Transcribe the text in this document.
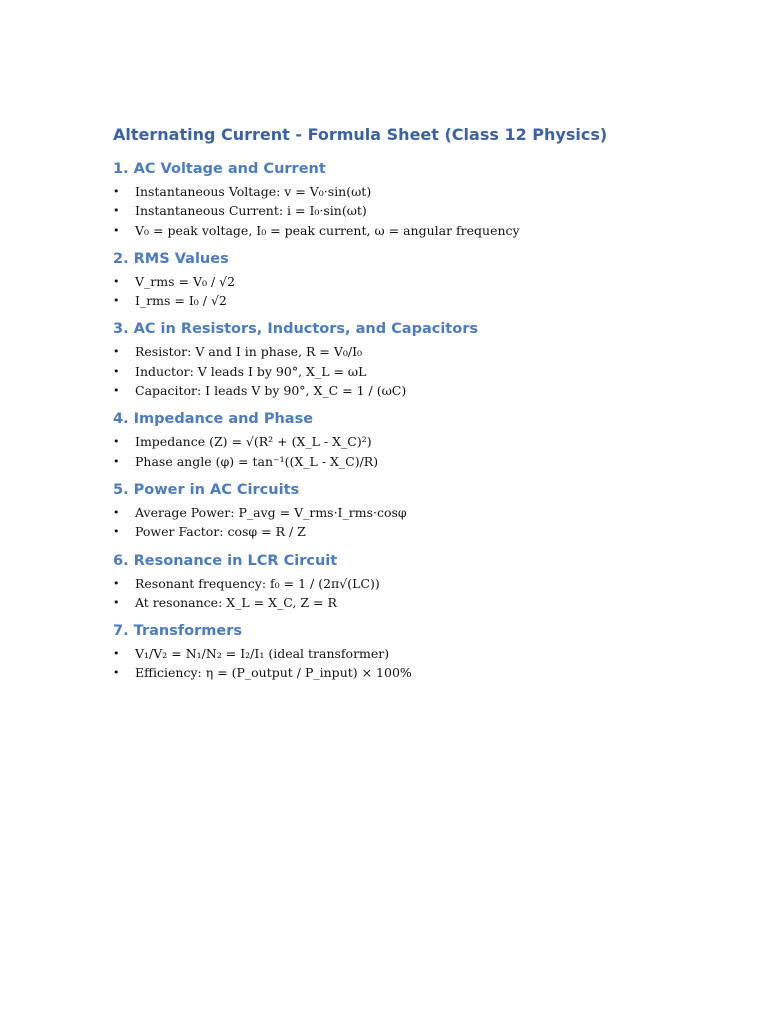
Alternating Current - Formula Sheet (Class 12 Physics)
1. AC Voltage and Current
• Instantaneous Voltage: v = V₀·sin(ωt)
• Instantaneous Current: i = I₀·sin(ωt)
• V₀ = peak voltage, I₀ = peak current, ω = angular frequency
2. RMS Values
• V_rms = V₀ / √2
• I_rms = I₀ / √2
3. AC in Resistors, Inductors, and Capacitors
• Resistor: V and I in phase, R = V₀/I₀
• Inductor: V leads I by 90°, X_L = ωL
• Capacitor: I leads V by 90°, X_C = 1 / (ωC)
4. Impedance and Phase
• Impedance (Z) = √(R² + (X_L - X_C)²)
• Phase angle (φ) = tan⁻¹((X_L - X_C)/R)
5. Power in AC Circuits
• Average Power: P_avg = V_rms·I_rms·cosφ
• Power Factor: cosφ = R / Z
6. Resonance in LCR Circuit
• Resonant frequency: f₀ = 1 / (2π√(LC))
• At resonance: X_L = X_C, Z = R
7. Transformers
• V₁/V₂ = N₁/N₂ = I₂/I₁ (ideal transformer)
• Efficiency: η = (P_output / P_input) × 100%
